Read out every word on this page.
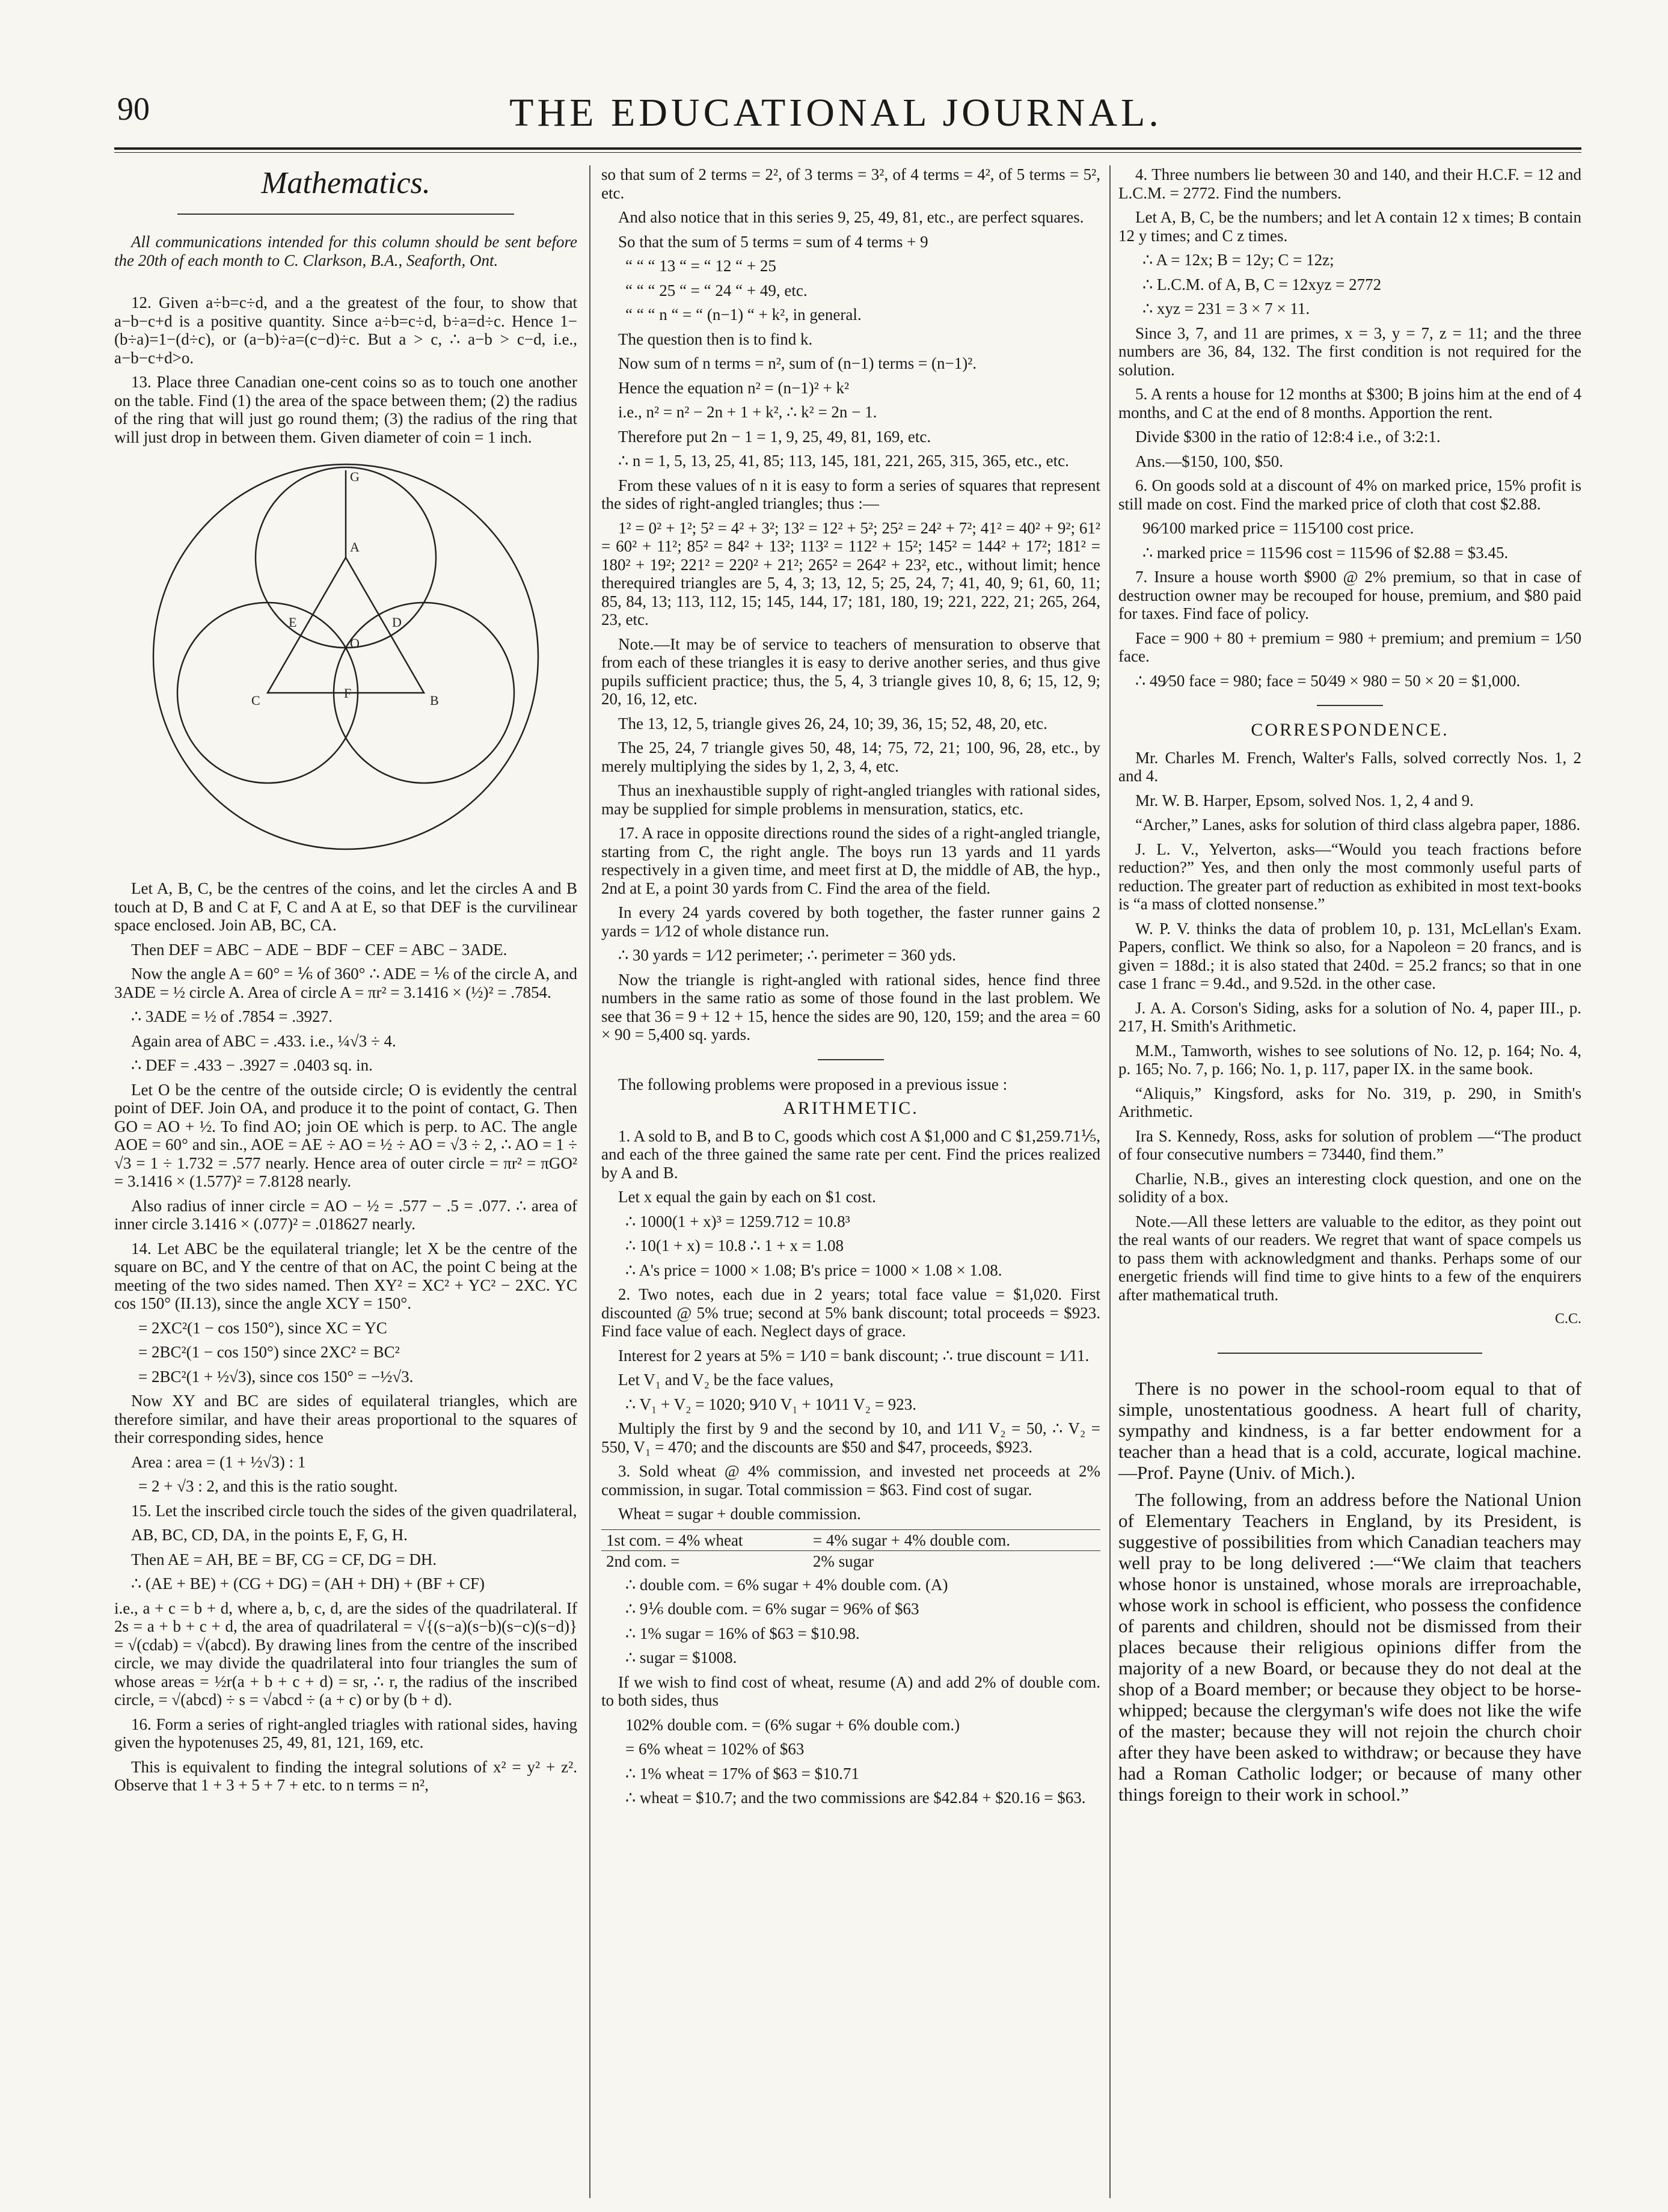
90	THE EDUCATIONAL JOURNAL.
Mathematics.

All communications intended for this column should be sent before the 20th of each month to C. Clarkson, B.A., Seaforth, Ont.

12. Given a÷b=c÷d, and a the greatest of the four, to show that a−b−c+d is a positive quantity. Since a÷b=c÷d, b÷a=d÷c. Hence 1−(b÷a)=1−(d÷c), or (a−b)÷a=(c−d)÷c. But a > c, ∴ a−b > c−d, i.e., a−b−c+d>o.

13. Place three Canadian one-cent coins so as to touch one another on the table. Find (1) the area of the space between them; (2) the radius of the ring that will just go round them; (3) the radius of the ring that will just drop in between them. Given diameter of coin = 1 inch.

A
B
C
D
E
F
O
G

Let A, B, C, be the centres of the coins, and let the circles A and B touch at D, B and C at F, C and A at E, so that DEF is the curvilinear space enclosed. Join AB, BC, CA.

Then DEF = ABC − ADE − BDF − CEF = ABC − 3ADE.

Now the angle A = 60° = ⅙ of 360° ∴ ADE = ⅙ of the circle A, and 3ADE = ½ circle A. Area of circle A = πr² = 3.1416 × (½)² = .7854.

∴ 3ADE = ½ of .7854 = .3927.

Again area of ABC = .433. i.e., ¼√3 ÷ 4.

∴ DEF = .433 − .3927 = .0403 sq. in.

Let O be the centre of the outside circle; O is evidently the central point of DEF. Join OA, and produce it to the point of contact, G. Then GO = AO + ½. To find AO; join OE which is perp. to AC. The angle AOE = 60° and sin., AOE = AE ÷ AO = ½ ÷ AO = √3 ÷ 2, ∴ AO = 1 ÷ √3 = 1 ÷ 1.732 = .577 nearly. Hence area of outer circle = πr² = πGO² = 3.1416 × (1.577)² = 7.8128 nearly.

Also radius of inner circle = AO − ½ = .577 − .5 = .077. ∴ area of inner circle 3.1416 × (.077)² = .018627 nearly.

14. Let ABC be the equilateral triangle; let X be the centre of the square on BC, and Y the centre of that on AC, the point C being at the meeting of the two sides named. Then XY² = XC² + YC² − 2XC. YC cos 150° (II.13), since the angle XCY = 150°.

= 2XC²(1 − cos 150°), since XC = YC

= 2BC²(1 − cos 150°) since 2XC² = BC²

= 2BC²(1 + ½√3), since cos 150° = −½√3.

Now XY and BC are sides of equilateral triangles, which are therefore similar, and have their areas proportional to the squares of their corresponding sides, hence

Area : area = (1 + ½√3) : 1

= 2 + √3 : 2, and this is the ratio sought.

15. Let the inscribed circle touch the sides of the given quadrilateral,

AB, BC, CD, DA, in the points E, F, G, H.

Then AE = AH, BE = BF, CG = CF, DG = DH.

∴ (AE + BE) + (CG + DG) = (AH + DH) + (BF + CF)

i.e., a + c = b + d, where a, b, c, d, are the sides of the quadrilateral. If 2s = a + b + c + d, the area of quadrilateral = √{(s−a)(s−b)(s−c)(s−d)} = √(cdab) = √(abcd). By drawing lines from the centre of the inscribed circle, we may divide the quadrilateral into four triangles the sum of whose areas = ½r(a + b + c + d) = sr, ∴ r, the radius of the inscribed circle, = √(abcd) ÷ s = √abcd ÷ (a + c) or by (b + d).

16. Form a series of right-angled triagles with rational sides, having given the hypotenuses 25, 49, 81, 121, 169, etc.

This is equivalent to finding the integral solutions of x² = y² + z². Observe that 1 + 3 + 5 + 7 + etc. to n terms = n²,

so that sum of 2 terms = 2², of 3 terms = 3², of 4 terms = 4², of 5 terms = 5², etc.

And also notice that in this series 9, 25, 49, 81, etc., are perfect squares.

So that the sum of 5 terms = sum of 4 terms + 9

“ “ “ 13 “ = “ 12 “ + 25

“ “ “ 25 “ = “ 24 “ + 49, etc.

“ “ “ n “ = “ (n−1) “ + k², in general.

The question then is to find k.

Now sum of n terms = n², sum of (n−1) terms = (n−1)².

Hence the equation n² = (n−1)² + k²

i.e., n² = n² − 2n + 1 + k², ∴ k² = 2n − 1.

Therefore put 2n − 1 = 1, 9, 25, 49, 81, 169, etc.

∴ n = 1, 5, 13, 25, 41, 85; 113, 145, 181, 221, 265, 315, 365, etc., etc.

From these values of n it is easy to form a series of squares that represent the sides of right-angled triangles; thus :—

1² = 0² + 1²; 5² = 4² + 3²; 13² = 12² + 5²; 25² = 24² + 7²; 41² = 40² + 9²; 61² = 60² + 11²; 85² = 84² + 13²; 113² = 112² + 15²; 145² = 144² + 17²; 181² = 180² + 19²; 221² = 220² + 21²; 265² = 264² + 23², etc., without limit; hence therequired triangles are 5, 4, 3; 13, 12, 5; 25, 24, 7; 41, 40, 9; 61, 60, 11; 85, 84, 13; 113, 112, 15; 145, 144, 17; 181, 180, 19; 221, 222, 21; 265, 264, 23, etc.

Note.—It may be of service to teachers of mensuration to observe that from each of these triangles it is easy to derive another series, and thus give pupils sufficient practice; thus, the 5, 4, 3 triangle gives 10, 8, 6; 15, 12, 9; 20, 16, 12, etc.

The 13, 12, 5, triangle gives 26, 24, 10; 39, 36, 15; 52, 48, 20, etc.

The 25, 24, 7 triangle gives 50, 48, 14; 75, 72, 21; 100, 96, 28, etc., by merely multiplying the sides by 1, 2, 3, 4, etc.

Thus an inexhaustible supply of right-angled triangles with rational sides, may be supplied for simple problems in mensuration, statics, etc.

17. A race in opposite directions round the sides of a right-angled triangle, starting from C, the right angle. The boys run 13 yards and 11 yards respectively in a given time, and meet first at D, the middle of AB, the hyp., 2nd at E, a point 30 yards from C. Find the area of the field.

In every 24 yards covered by both together, the faster runner gains 2 yards = 1⁄12 of whole distance run.

∴ 30 yards = 1⁄12 perimeter; ∴ perimeter = 360 yds.

Now the triangle is right-angled with rational sides, hence find three numbers in the same ratio as some of those found in the last problem. We see that 36 = 9 + 12 + 15, hence the sides are 90, 120, 159; and the area = 60 × 90 = 5,400 sq. yards.

The following problems were proposed in a previous issue :

ARITHMETIC.

1. A sold to B, and B to C, goods which cost A $1,000 and C $1,259.71⅕, and each of the three gained the same rate per cent. Find the prices realized by A and B.

Let x equal the gain by each on $1 cost.

∴ 1000(1 + x)³ = 1259.712 = 10.8³

∴ 10(1 + x) = 10.8 ∴ 1 + x = 1.08

∴ A's price = 1000 × 1.08; B's price = 1000 × 1.08 × 1.08.

2. Two notes, each due in 2 years; total face value = $1,020. First discounted @ 5% true; second at 5% bank discount; total proceeds = $923. Find face value of each. Neglect days of grace.

Interest for 2 years at 5% = 1⁄10 = bank discount; ∴ true discount = 1⁄11.

Let V₁ and V₂ be the face values,

∴ V₁ + V₂ = 1020; 9⁄10 V₁ + 10⁄11 V₂ = 923.

Multiply the first by 9 and the second by 10, and 1⁄11 V₂ = 50, ∴ V₂ = 550, V₁ = 470; and the discounts are $50 and $47, proceeds, $923.

3. Sold wheat @ 4% commission, and invested net proceeds at 2% commission, in sugar. Total commission = $63. Find cost of sugar.

Wheat = sugar + double commission.

1st com. = 4% wheat	= 4% sugar + 4% double com.
2nd com. =	2% sugar

∴ double com. = 6% sugar + 4% double com. (A)

∴ 9⅙ double com. = 6% sugar = 96% of $63

∴ 1% sugar = 16% of $63 = $10.98.

∴ sugar = $1008.

If we wish to find cost of wheat, resume (A) and add 2% of double com. to both sides, thus

102% double com. = (6% sugar + 6% double com.)

= 6% wheat = 102% of $63

∴ 1% wheat = 17% of $63 = $10.71

∴ wheat = $10.7; and the two commissions are $42.84 + $20.16 = $63.

4. Three numbers lie between 30 and 140, and their H.C.F. = 12 and L.C.M. = 2772. Find the numbers.

Let A, B, C, be the numbers; and let A contain 12 x times; B contain 12 y times; and C z times.

∴ A = 12x; B = 12y; C = 12z;

∴ L.C.M. of A, B, C = 12xyz = 2772

∴ xyz = 231 = 3 × 7 × 11.

Since 3, 7, and 11 are primes, x = 3, y = 7, z = 11; and the three numbers are 36, 84, 132. The first condition is not required for the solution.

5. A rents a house for 12 months at $300; B joins him at the end of 4 months, and C at the end of 8 months. Apportion the rent.

Divide $300 in the ratio of 12:8:4 i.e., of 3:2:1.

Ans.—$150, 100, $50.

6. On goods sold at a discount of 4% on marked price, 15% profit is still made on cost. Find the marked price of cloth that cost $2.88.

96⁄100 marked price = 115⁄100 cost price.

∴ marked price = 115⁄96 cost = 115⁄96 of $2.88 = $3.45.

7. Insure a house worth $900 @ 2% premium, so that in case of destruction owner may be recouped for house, premium, and $80 paid for taxes. Find face of policy.

Face = 900 + 80 + premium = 980 + premium; and premium = 1⁄50 face.

∴ 49⁄50 face = 980; face = 50⁄49 × 980 = 50 × 20 = $1,000.

CORRESPONDENCE.

Mr. Charles M. French, Walter's Falls, solved correctly Nos. 1, 2 and 4.

Mr. W. B. Harper, Epsom, solved Nos. 1, 2, 4 and 9.

“Archer,” Lanes, asks for solution of third class algebra paper, 1886.

J. L. V., Yelverton, asks—“Would you teach fractions before reduction?” Yes, and then only the most commonly useful parts of reduction. The greater part of reduction as exhibited in most text-books is “a mass of clotted nonsense.”

W. P. V. thinks the data of problem 10, p. 131, McLellan's Exam. Papers, conflict. We think so also, for a Napoleon = 20 francs, and is given = 188d.; it is also stated that 240d. = 25.2 francs; so that in one case 1 franc = 9.4d., and 9.52d. in the other case.

J. A. A. Corson's Siding, asks for a solution of No. 4, paper III., p. 217, H. Smith's Arithmetic.

M.M., Tamworth, wishes to see solutions of No. 12, p. 164; No. 4, p. 165; No. 7, p. 166; No. 1, p. 117, paper IX. in the same book.

“Aliquis,” Kingsford, asks for No. 319, p. 290, in Smith's Arithmetic.

Ira S. Kennedy, Ross, asks for solution of problem —“The product of four consecutive numbers = 73440, find them.”

Charlie, N.B., gives an interesting clock question, and one on the solidity of a box.

Note.—All these letters are valuable to the editor, as they point out the real wants of our readers. We regret that want of space compels us to pass them with acknowledgment and thanks. Perhaps some of our energetic friends will find time to give hints to a few of the enquirers after mathematical truth.

C.C.

There is no power in the school-room equal to that of simple, unostentatious goodness. A heart full of charity, sympathy and kindness, is a far better endowment for a teacher than a head that is a cold, accurate, logical machine.—Prof. Payne (Univ. of Mich.).

The following, from an address before the National Union of Elementary Teachers in England, by its President, is suggestive of possibilities from which Canadian teachers may well pray to be long delivered :—“We claim that teachers whose honor is unstained, whose morals are irreproachable, whose work in school is efficient, who possess the confidence of parents and children, should not be dismissed from their places because their religious opinions differ from the majority of a new Board, or because they do not deal at the shop of a Board member; or because they object to be horse-whipped; because the clergyman's wife does not like the wife of the master; because they will not rejoin the church choir after they have been asked to withdraw; or because they have had a Roman Catholic lodger; or because of many other things foreign to their work in school.”
